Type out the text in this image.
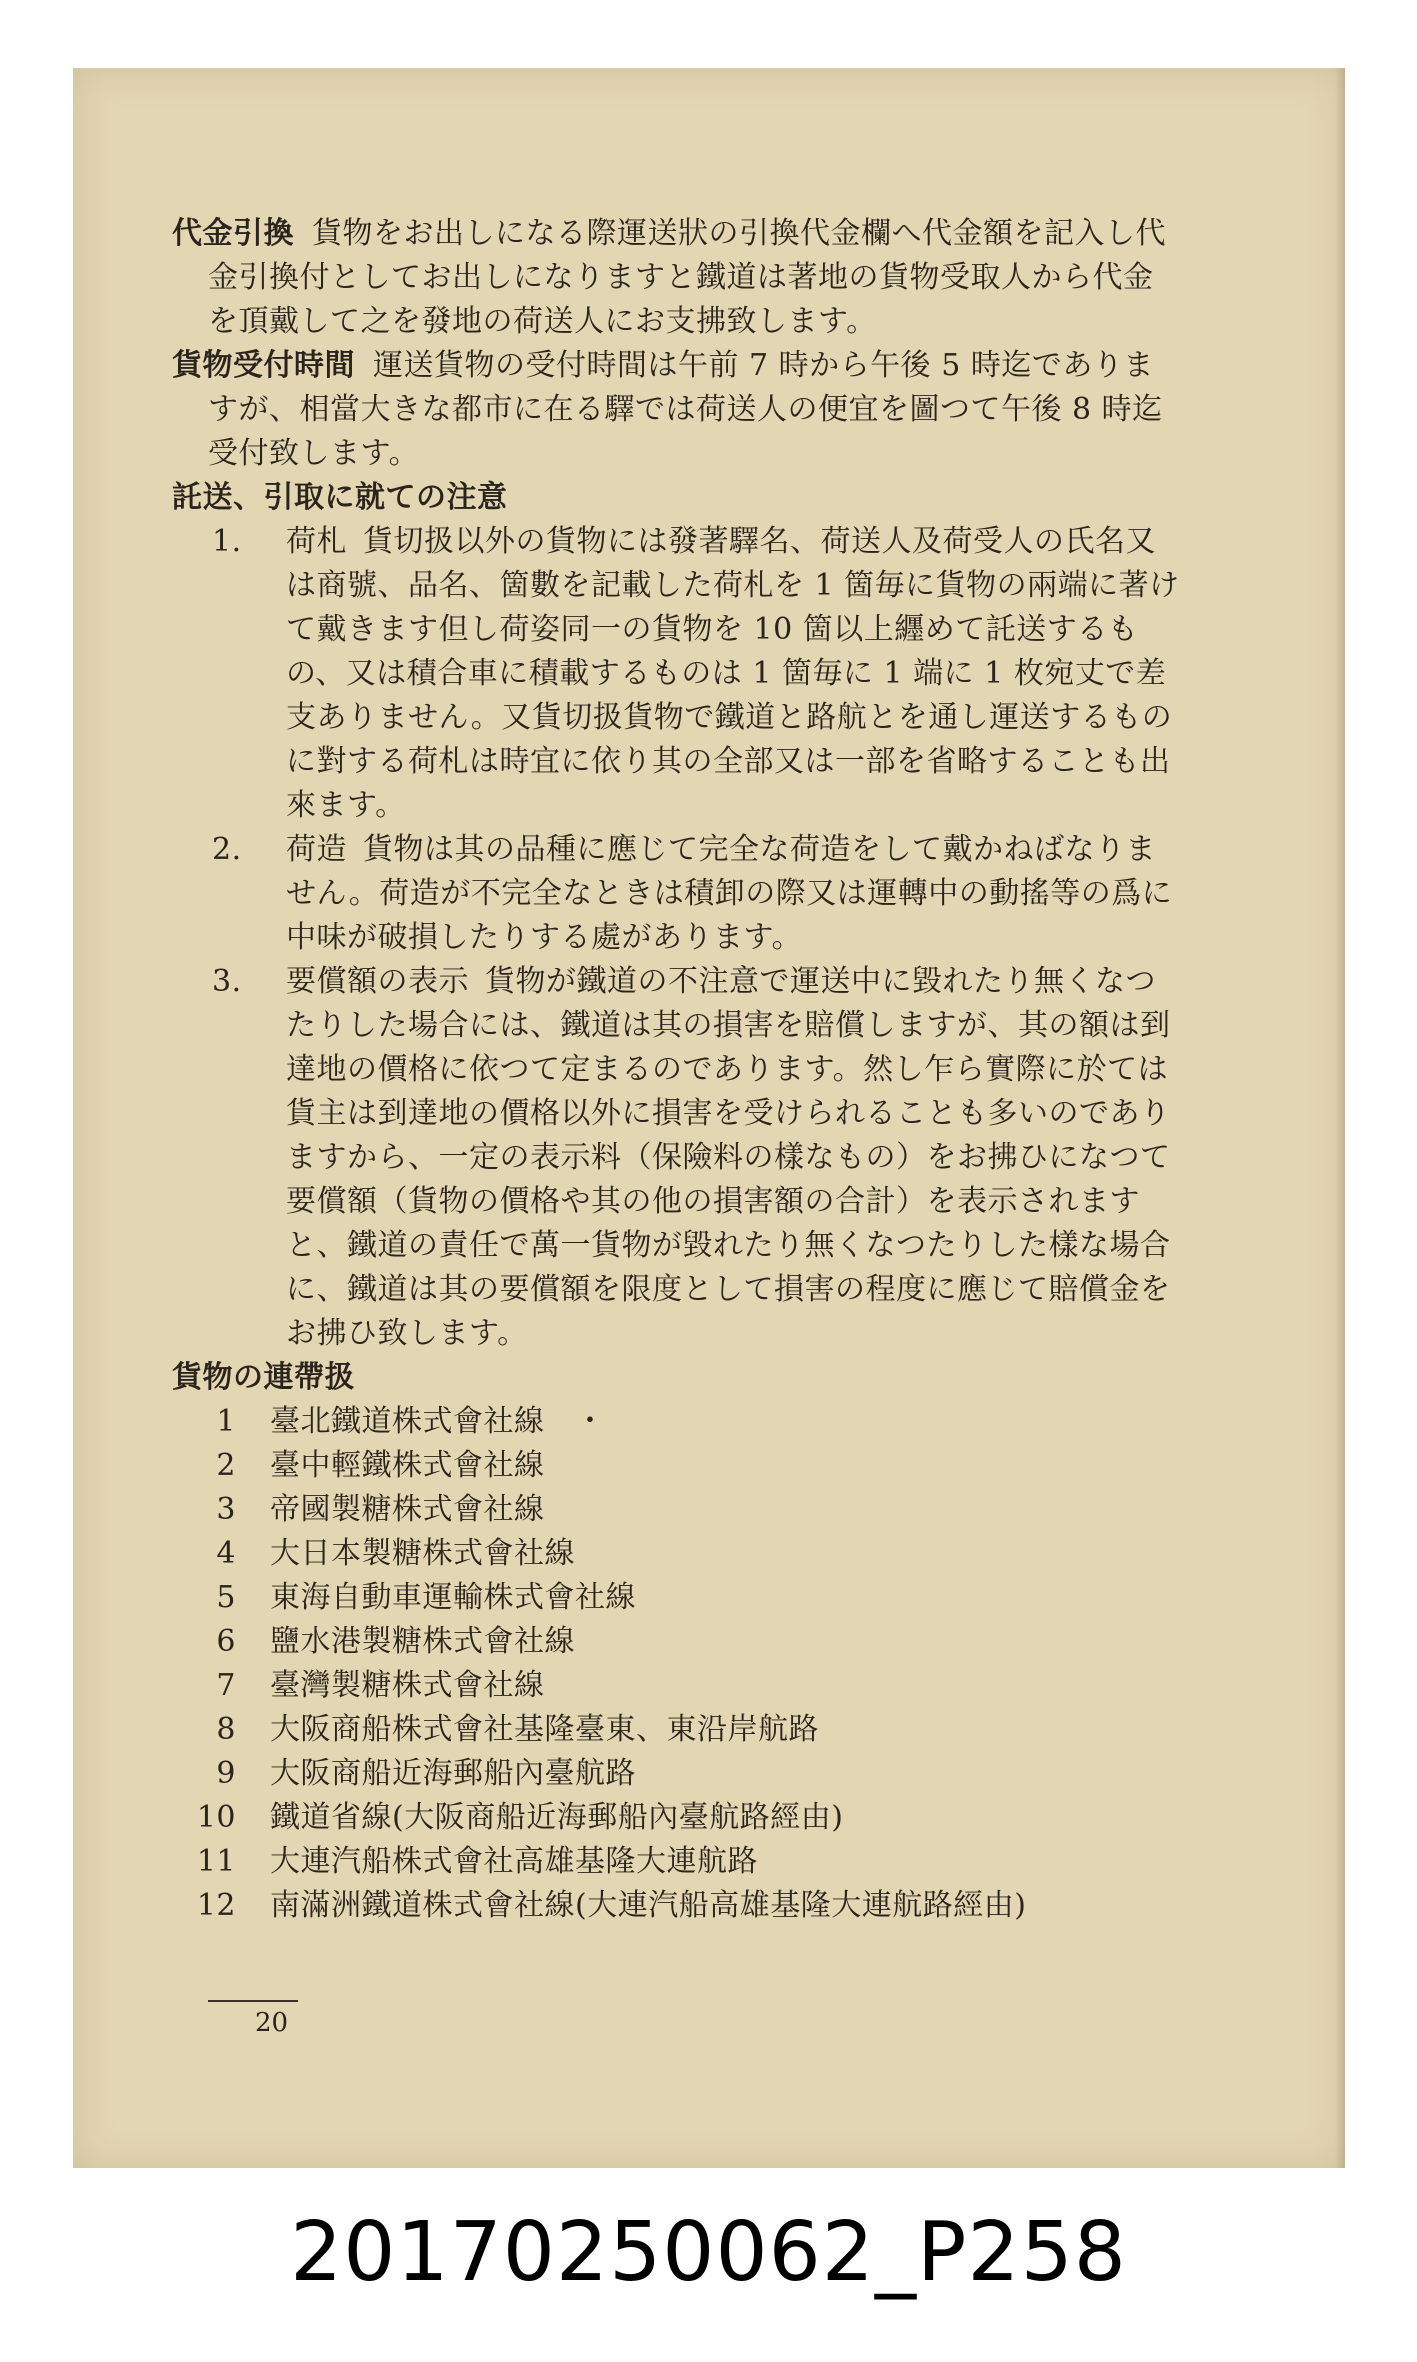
代金引換 貨物をお出しになる際運送狀の引換代金欄へ代金額を記入し代金引換付としてお出しになりますと鐵道は著地の貨物受取人から代金を頂戴して之を發地の荷送人にお支拂致します。

貨物受付時間 運送貨物の受付時間は午前 7 時から午後 5 時迄でありますが、相當大きな都市に在る驛では荷送人の便宜を圖つて午後 8 時迄受付致します。

託送、引取に就ての注意

1.	荷札 貨切扱以外の貨物には發著驛名、荷送人及荷受人の氏名又は商號、品名、箇數を記載した荷札を 1 箇毎に貨物の兩端に著けて戴きます但し荷姿同一の貨物を 10 箇以上纒めて託送するもの、又は積合車に積載するものは 1 箇毎に 1 端に 1 枚宛丈で差支ありません。又貨切扱貨物で鐵道と路航とを通し運送するものに對する荷札は時宜に依り其の全部又は一部を省略することも出來ます。
2.	荷造 貨物は其の品種に應じて完全な荷造をして戴かねばなりません。荷造が不完全なときは積卸の際又は運轉中の動搖等の爲に中味が破損したりする處があります。
3.	要償額の表示 貨物が鐵道の不注意で運送中に毀れたり無くなつたりした場合には、鐵道は其の損害を賠償しますが、其の額は到達地の價格に依つて定まるのであります。然し乍ら實際に於ては貨主は到達地の價格以外に損害を受けられることも多いのでありますから、一定の表示料（保險料の樣なもの）をお拂ひになつて要償額（貨物の價格や其の他の損害額の合計）を表示されますと、鐵道の責任で萬一貨物が毀れたり無くなつたりした樣な場合に、鐵道は其の要償額を限度として損害の程度に應じて賠償金をお拂ひ致します。

貨物の連帶扱

1 臺北鐵道株式會社線　・
2 臺中輕鐵株式會社線
3 帝國製糖株式會社線
4 大日本製糖株式會社線
5 東海自動車運輸株式會社線
6 鹽水港製糖株式會社線
7 臺灣製糖株式會社線
8 大阪商船株式會社基隆臺東、東沿岸航路
9 大阪商船近海郵船內臺航路
10 鐵道省線(大阪商船近海郵船內臺航路經由)
11 大連汽船株式會社高雄基隆大連航路
12 南滿洲鐵道株式會社線(大連汽船高雄基隆大連航路經由)
20
20170250062_P258
